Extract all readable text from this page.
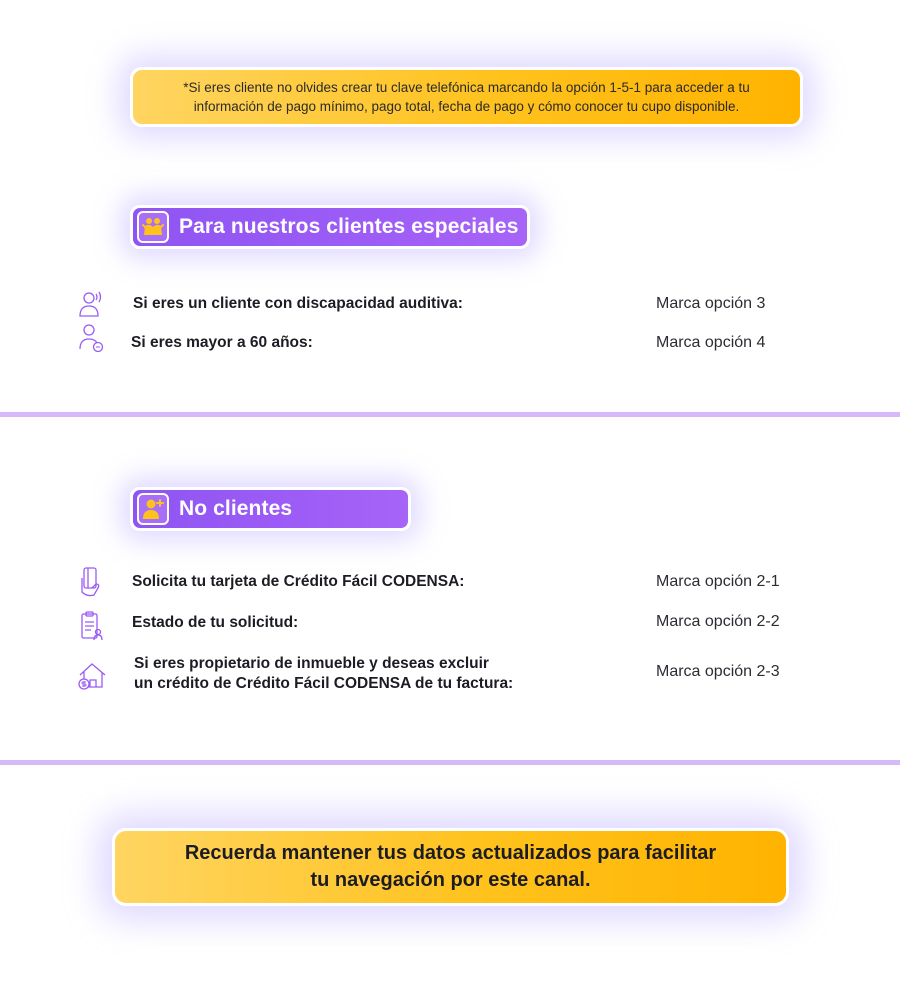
*Si eres cliente no olvides crear tu clave telefónica marcando la opción 1-5-1 para acceder a tu
información de pago mínimo, pago total, fecha de pago y cómo conocer tu cupo disponible.
Para nuestros clientes especiales
Si eres un cliente con discapacidad auditiva:	Marca opción 3
Si eres mayor a 60 años:	Marca opción 4
No clientes
Solicita tu tarjeta de Crédito Fácil CODENSA:	Marca opción 2-1
Estado de tu solicitud:	Marca opción 2-2
Si eres propietario de inmueble y deseas excluir
un crédito de Crédito Fácil CODENSA de tu factura:
Marca opción 2-3
Recuerda mantener tus datos actualizados para facilitar
tu navegación por este canal.
